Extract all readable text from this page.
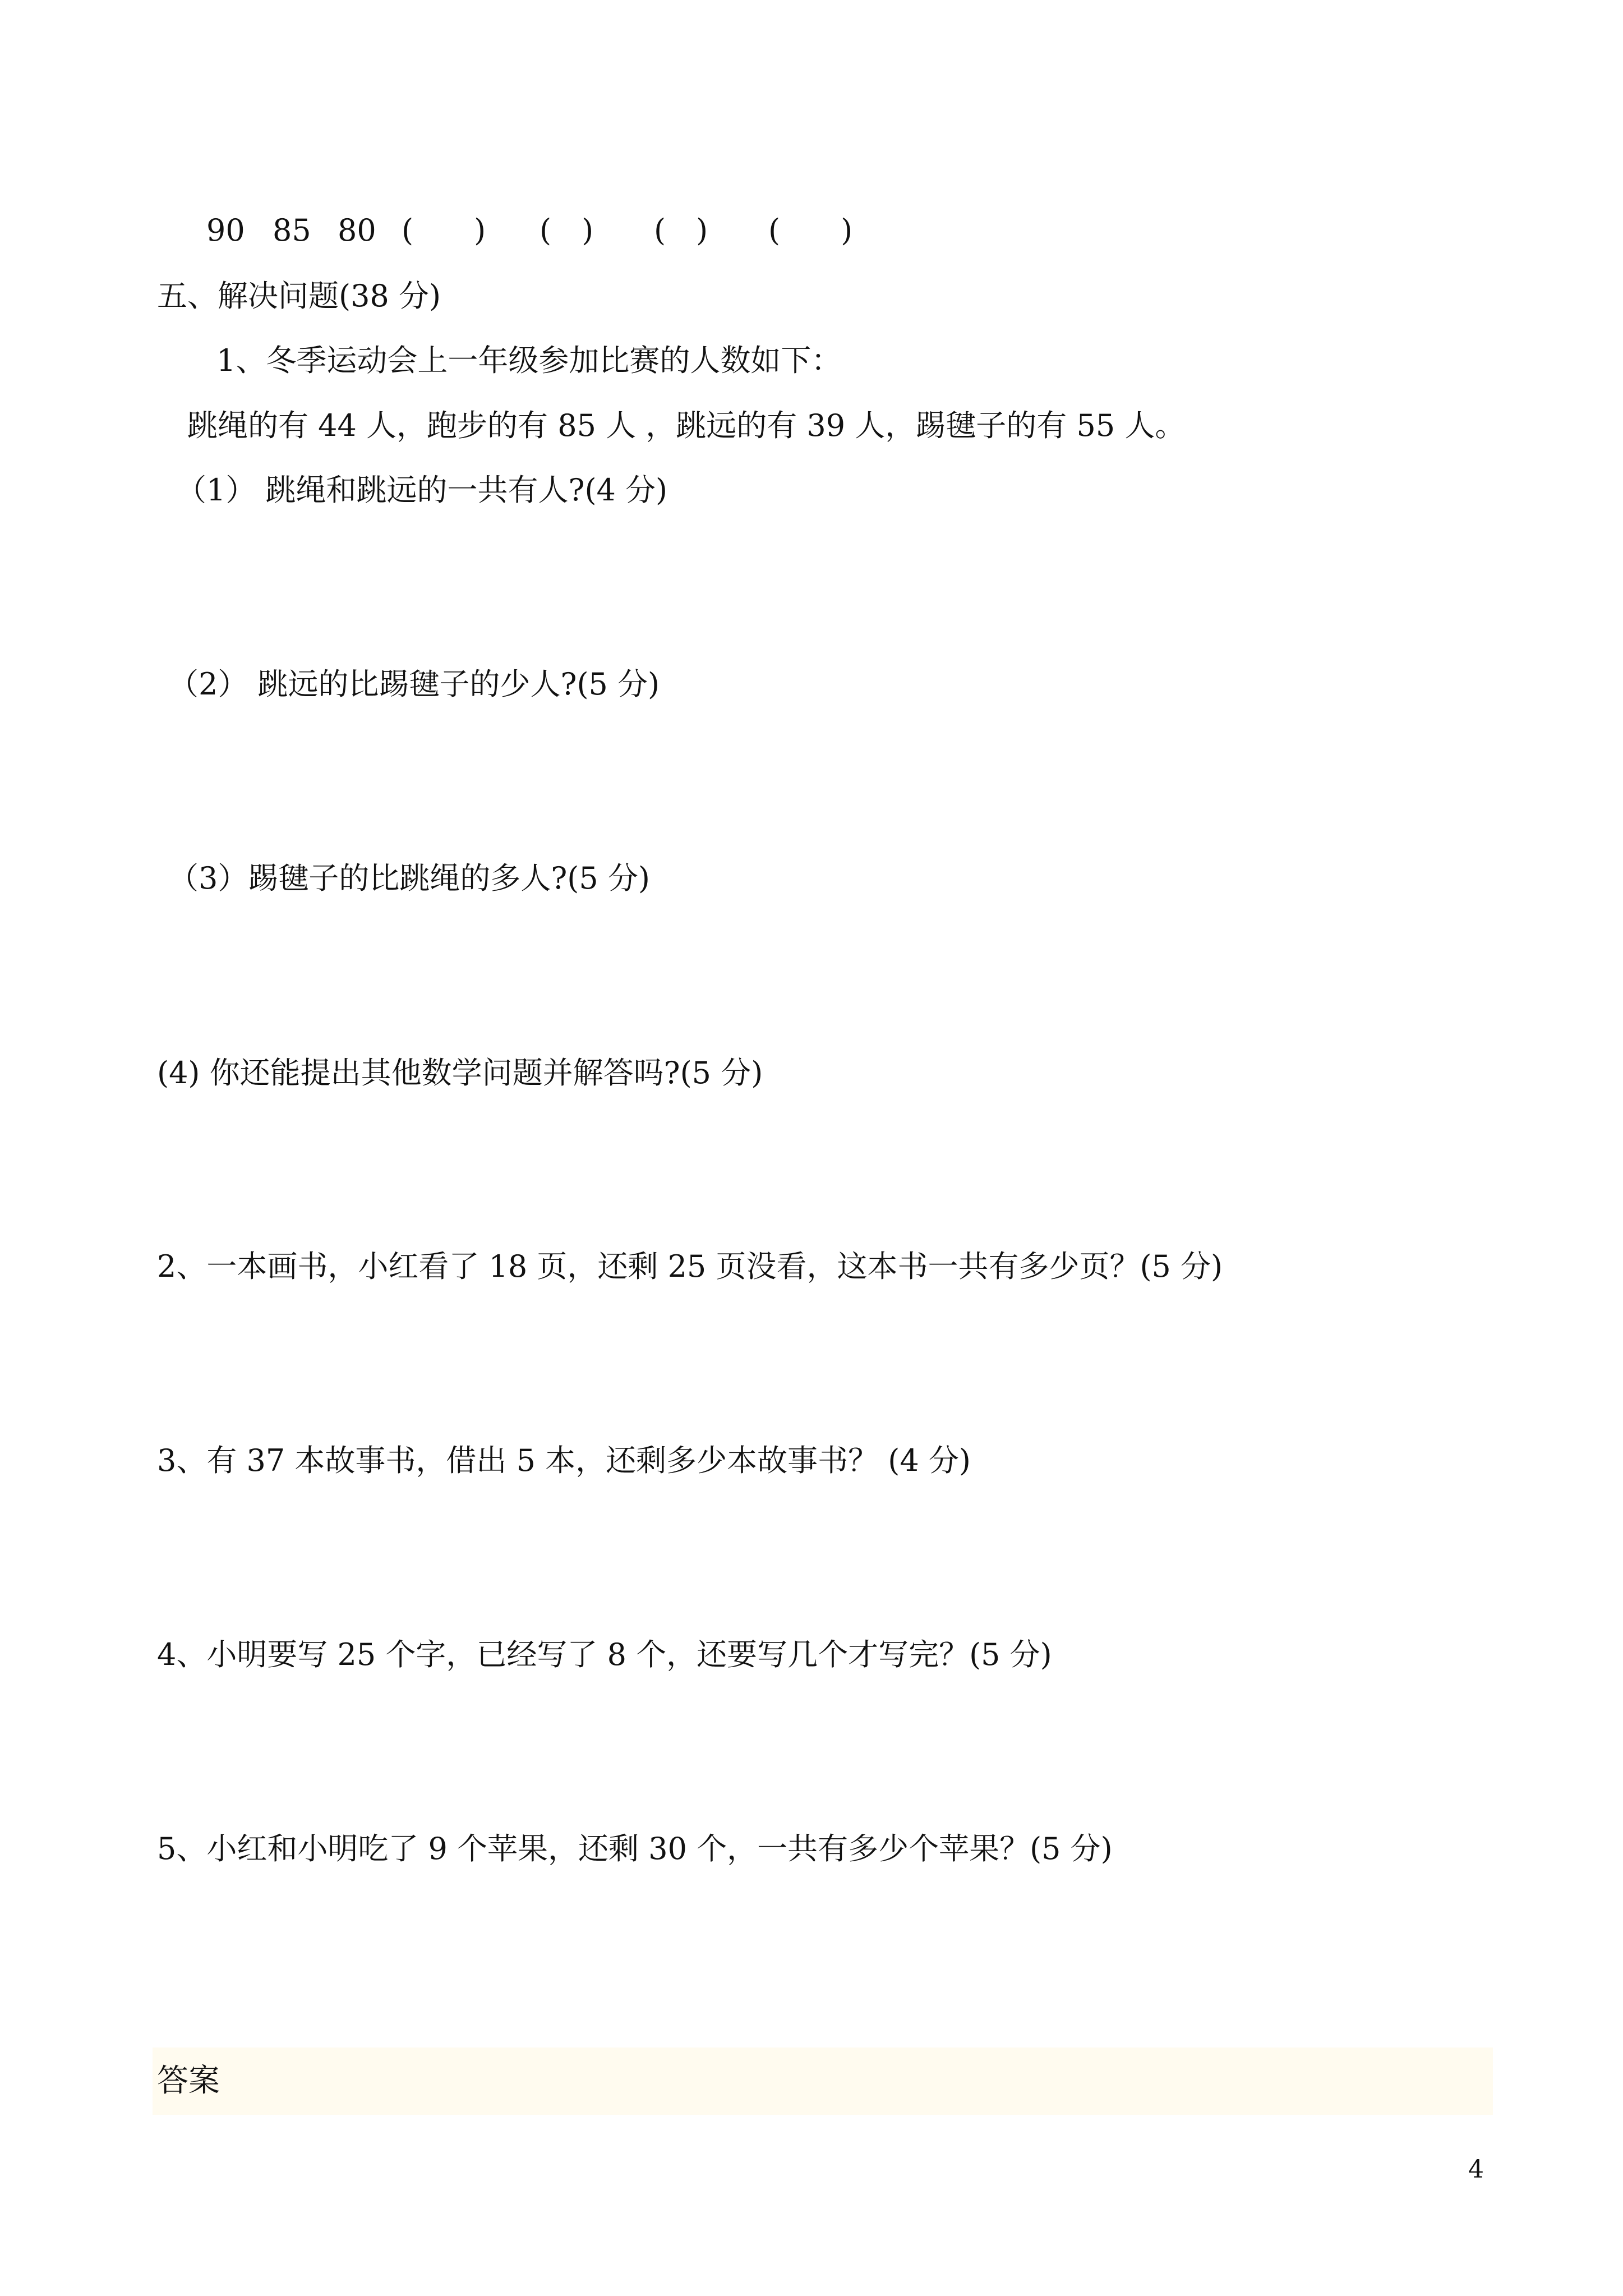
90 85 80 (　　) (　) (　) (　　)
五、解决问题(38 分)
1、冬季运动会上一年级参加比赛的人数如下：
跳绳的有 44 人，跑步的有 85 人 ，跳远的有 39 人，踢毽子的有 55 人。
（1） 跳绳和跳远的一共有人?(4 分)
（2） 跳远的比踢毽子的少人?(5 分)
（3）踢毽子的比跳绳的多人?(5 分)
(4) 你还能提出其他数学问题并解答吗?(5 分)
2、一本画书，小红看了 18 页，还剩 25 页没看，这本书一共有多少页？(5 分)
3、有 37 本故事书，借出 5 本，还剩多少本故事书？ (4 分)
4、小明要写 25 个字，已经写了 8 个，还要写几个才写完？(5 分)
5、小红和小明吃了 9 个苹果，还剩 30 个，一共有多少个苹果？(5 分)
答案
4
